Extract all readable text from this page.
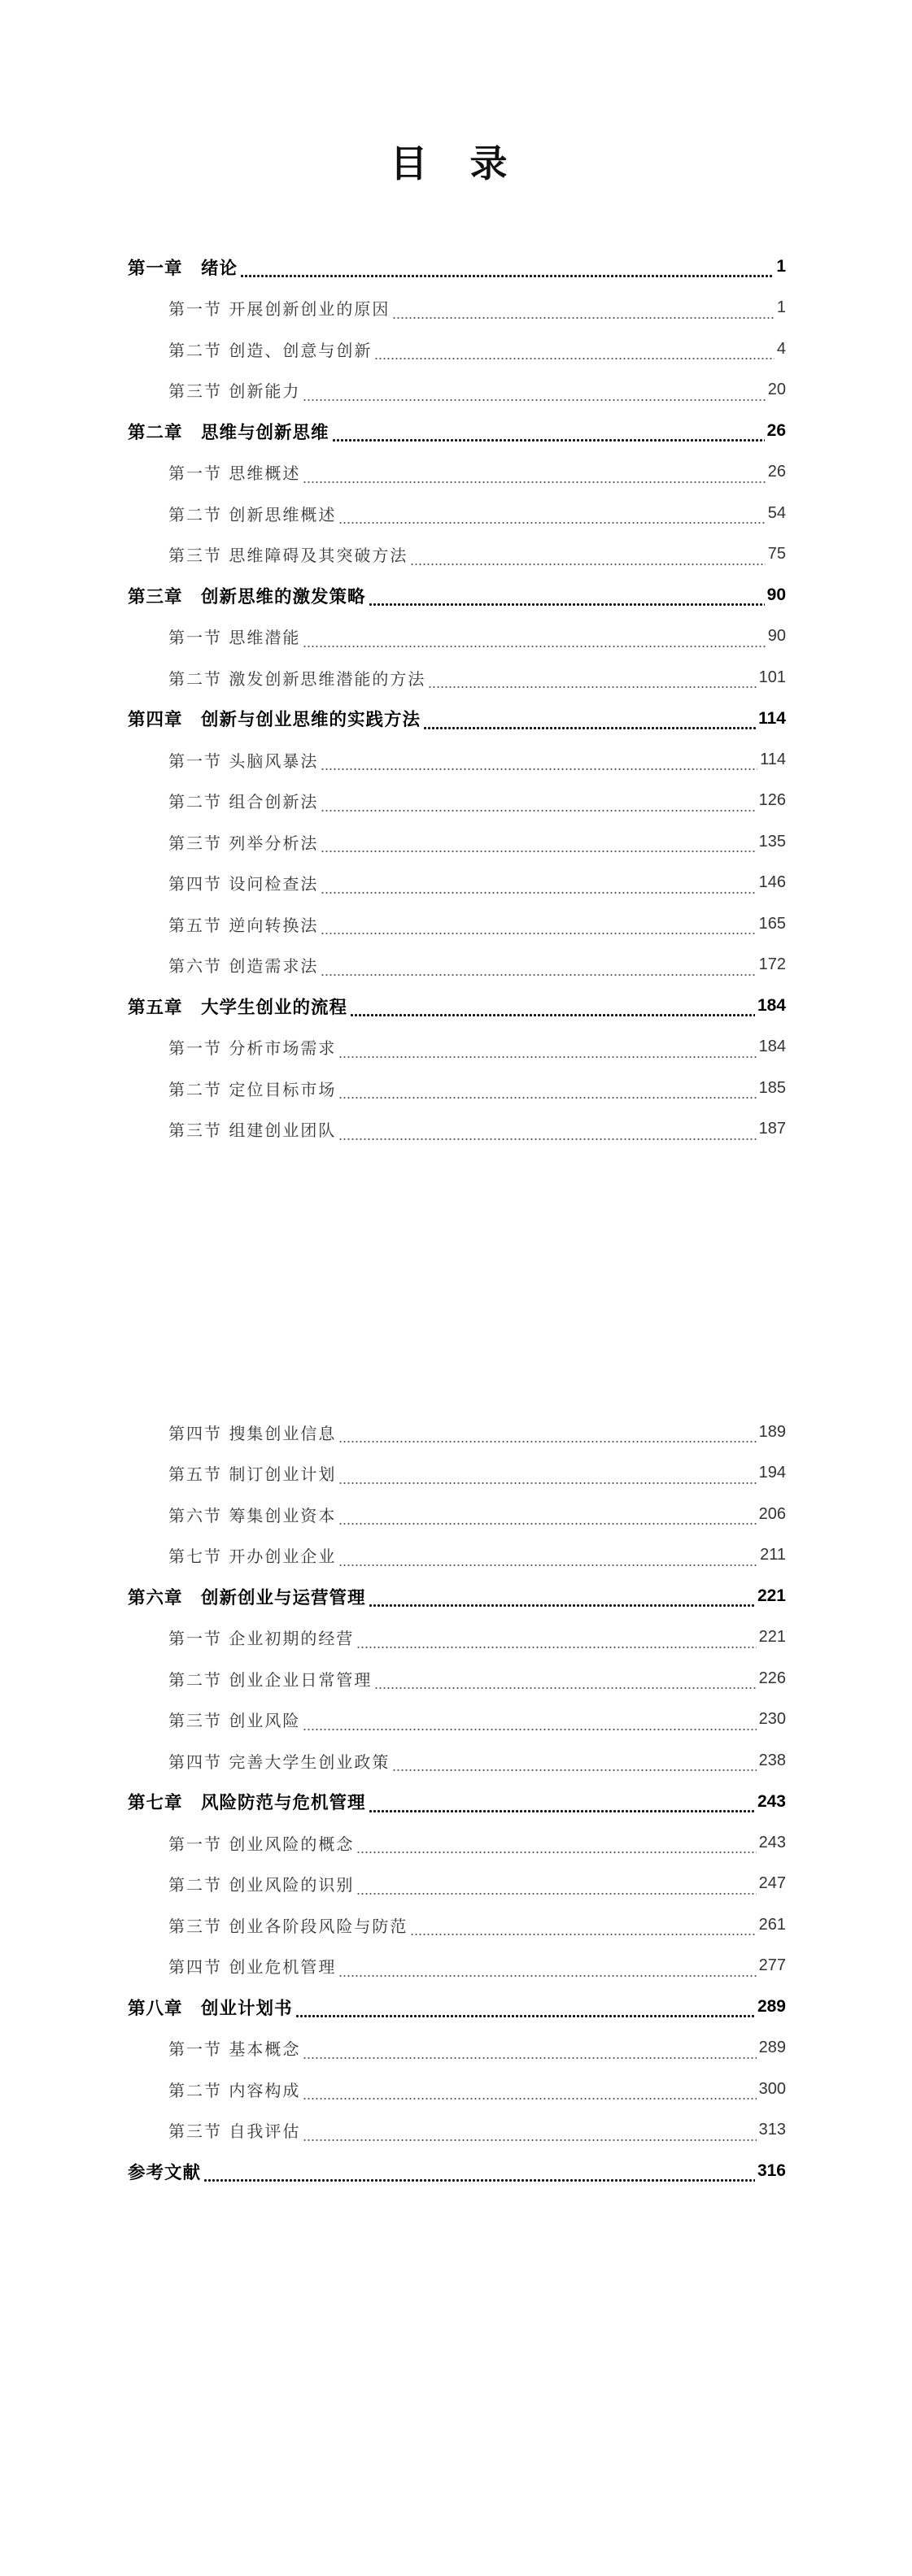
目 录
第一章　绪论	1
第一节 开展创新创业的原因	1
第二节 创造、创意与创新	4
第三节 创新能力	20
第二章　思维与创新思维	26
第一节 思维概述	26
第二节 创新思维概述	54
第三节 思维障碍及其突破方法	75
第三章　创新思维的激发策略	90
第一节 思维潜能	90
第二节 激发创新思维潜能的方法	101
第四章　创新与创业思维的实践方法	114
第一节 头脑风暴法	114
第二节 组合创新法	126
第三节 列举分析法	135
第四节 设问检查法	146
第五节 逆向转换法	165
第六节 创造需求法	172
第五章　大学生创业的流程	184
第一节 分析市场需求	184
第二节 定位目标市场	185
第三节 组建创业团队	187
第四节 搜集创业信息	189
第五节 制订创业计划	194
第六节 筹集创业资本	206
第七节 开办创业企业	211
第六章　创新创业与运营管理	221
第一节 企业初期的经营	221
第二节 创业企业日常管理	226
第三节 创业风险	230
第四节 完善大学生创业政策	238
第七章　风险防范与危机管理	243
第一节 创业风险的概念	243
第二节 创业风险的识别	247
第三节 创业各阶段风险与防范	261
第四节 创业危机管理	277
第八章　创业计划书	289
第一节 基本概念	289
第二节 内容构成	300
第三节 自我评估	313
参考文献	316
